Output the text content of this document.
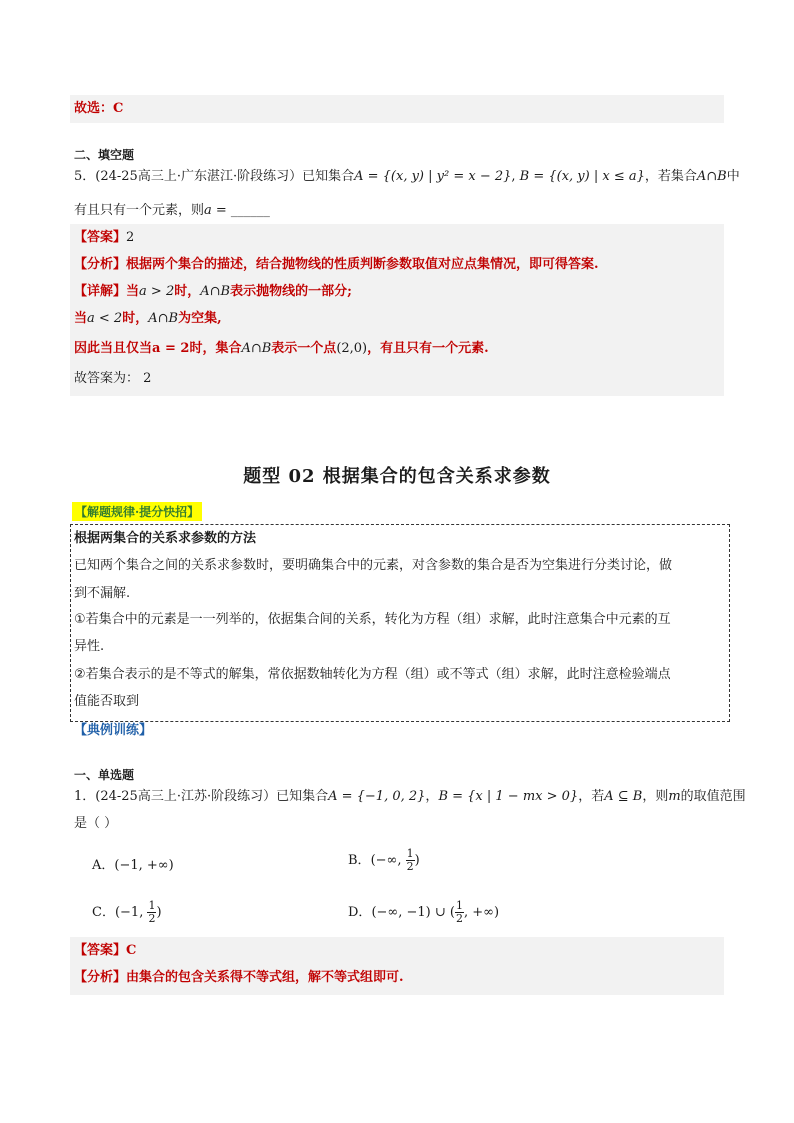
故选：C
二、填空题
5．(24-25高三上·广东湛江·阶段练习）已知集合A = {(x, y) | y² = x − 2}, B = {(x, y) | x ≤ a}，若集合A∩B中
有且只有一个元素，则a = ______
【答案】2
【分析】根据两个集合的描述，结合抛物线的性质判断参数取值对应点集情况，即可得答案.
【详解】当a > 2时，A∩B表示抛物线的一部分;
当a < 2时，A∩B为空集,
因此当且仅当a = 2时，集合A∩B表示一个点(2,0)，有且只有一个元素.
故答案为： 2
题型 02 根据集合的包含关系求参数
【解题规律·提分快招】
根据两集合的关系求参数的方法
已知两个集合之间的关系求参数时，要明确集合中的元素，对含参数的集合是否为空集进行分类讨论，做
到不漏解.
①若集合中的元素是一一列举的，依据集合间的关系，转化为方程（组）求解，此时注意集合中元素的互
异性.
②若集合表示的是不等式的解集，常依据数轴转化为方程（组）或不等式（组）求解，此时注意检验端点
值能否取到
【典例训练】
一、单选题
1．(24-25高三上·江苏·阶段练习）已知集合A = {−1, 0, 2}，B = {x | 1 − mx > 0}，若A ⊆ B，则m的取值范围
是（ ）
A．(−1, +∞)	B．(−∞, $\frac{1}{2}$ )
C．(−1, $\frac{1}{2}$ )	D．(−∞, −1) ∪ ( $\frac{1}{2}$ , +∞)
【答案】C
【分析】由集合的包含关系得不等式组，解不等式组即可.
